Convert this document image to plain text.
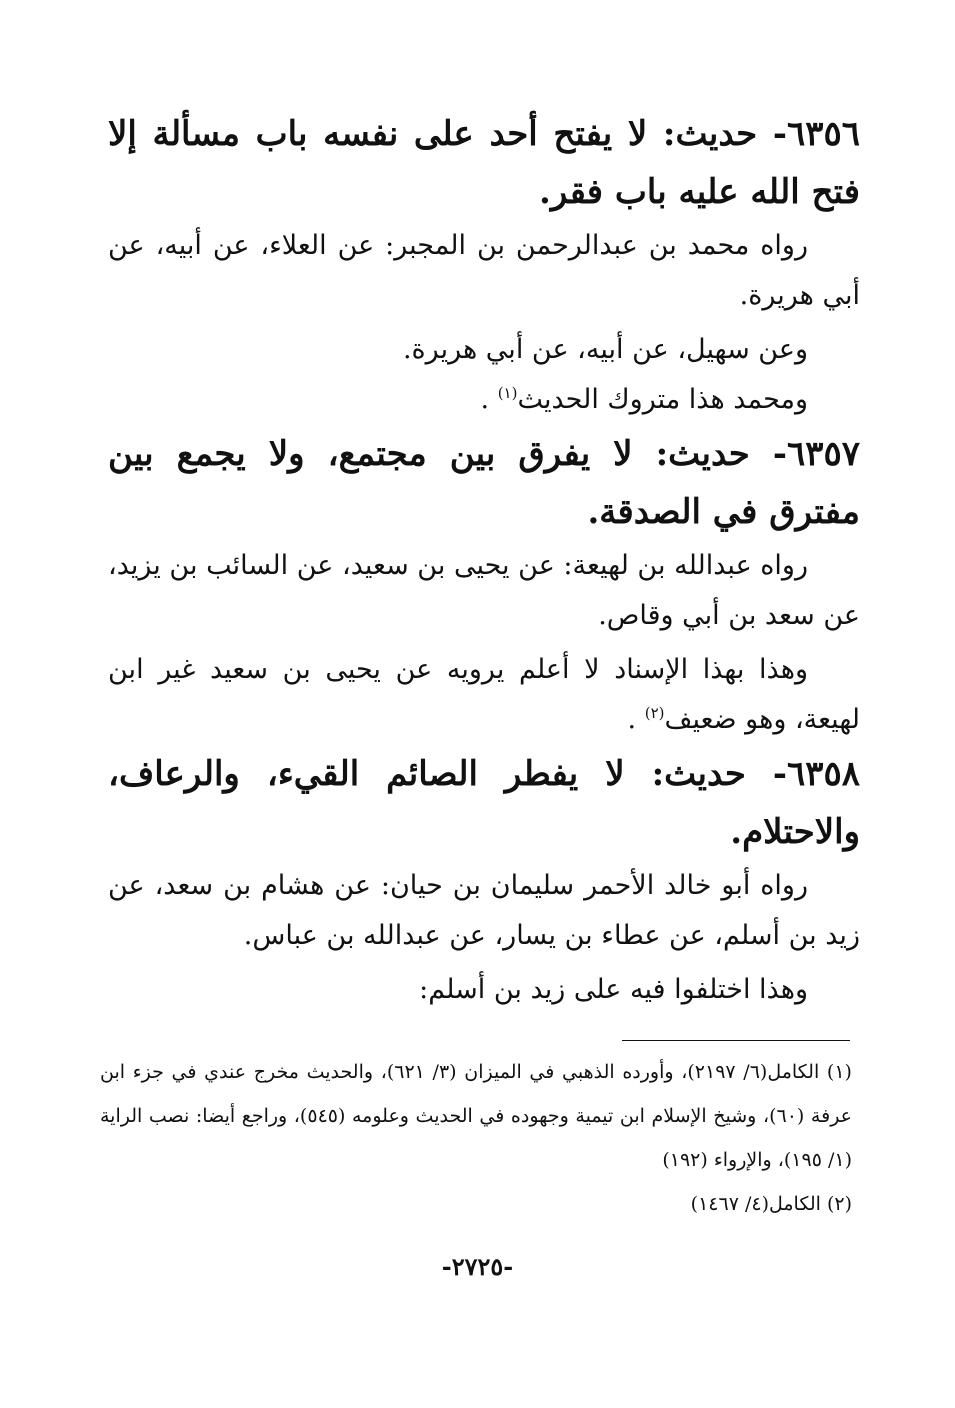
٦٣٥٦- حديث: لا يفتح أحد على نفسه باب مسألة إلا فتح الله عليه باب فقر.

رواه محمد بن عبدالرحمن بن المجبر: عن العلاء، عن أبيه، عن أبي هريرة.

وعن سهيل، عن أبيه، عن أبي هريرة.

ومحمد هذا متروك الحديث$^{(١)}$ .

٦٣٥٧- حديث: لا يفرق بين مجتمع، ولا يجمع بين مفترق في الصدقة.

رواه عبدالله بن لهيعة: عن يحيى بن سعيد، عن السائب بن يزيد، عن سعد بن أبي وقاص.

وهذا بهذا الإسناد لا أعلم يرويه عن يحيى بن سعيد غير ابن لهيعة، وهو ضعيف$^{(٢)}$ .

٦٣٥٨- حديث: لا يفطر الصائم القيء، والرعاف، والاحتلام.

رواه أبو خالد الأحمر سليمان بن حيان: عن هشام بن سعد، عن زيد بن أسلم، عن عطاء بن يسار، عن عبدالله بن عباس.

وهذا اختلفوا فيه على زيد بن أسلم:

(١) الكامل(٦/ ٢١٩٧)، وأورده الذهبي في الميزان (٣/ ٦٢١)، والحديث مخرج عندي في جزء ابن عرفة (٦٠)، وشيخ الإسلام ابن تيمية وجهوده في الحديث وعلومه (٥٤٥)، وراجع أيضا: نصب الراية (١/ ١٩٥)، والإرواء (١٩٢)

(٢) الكامل(٤/ ١٤٦٧)

-٢٧٢٥-
